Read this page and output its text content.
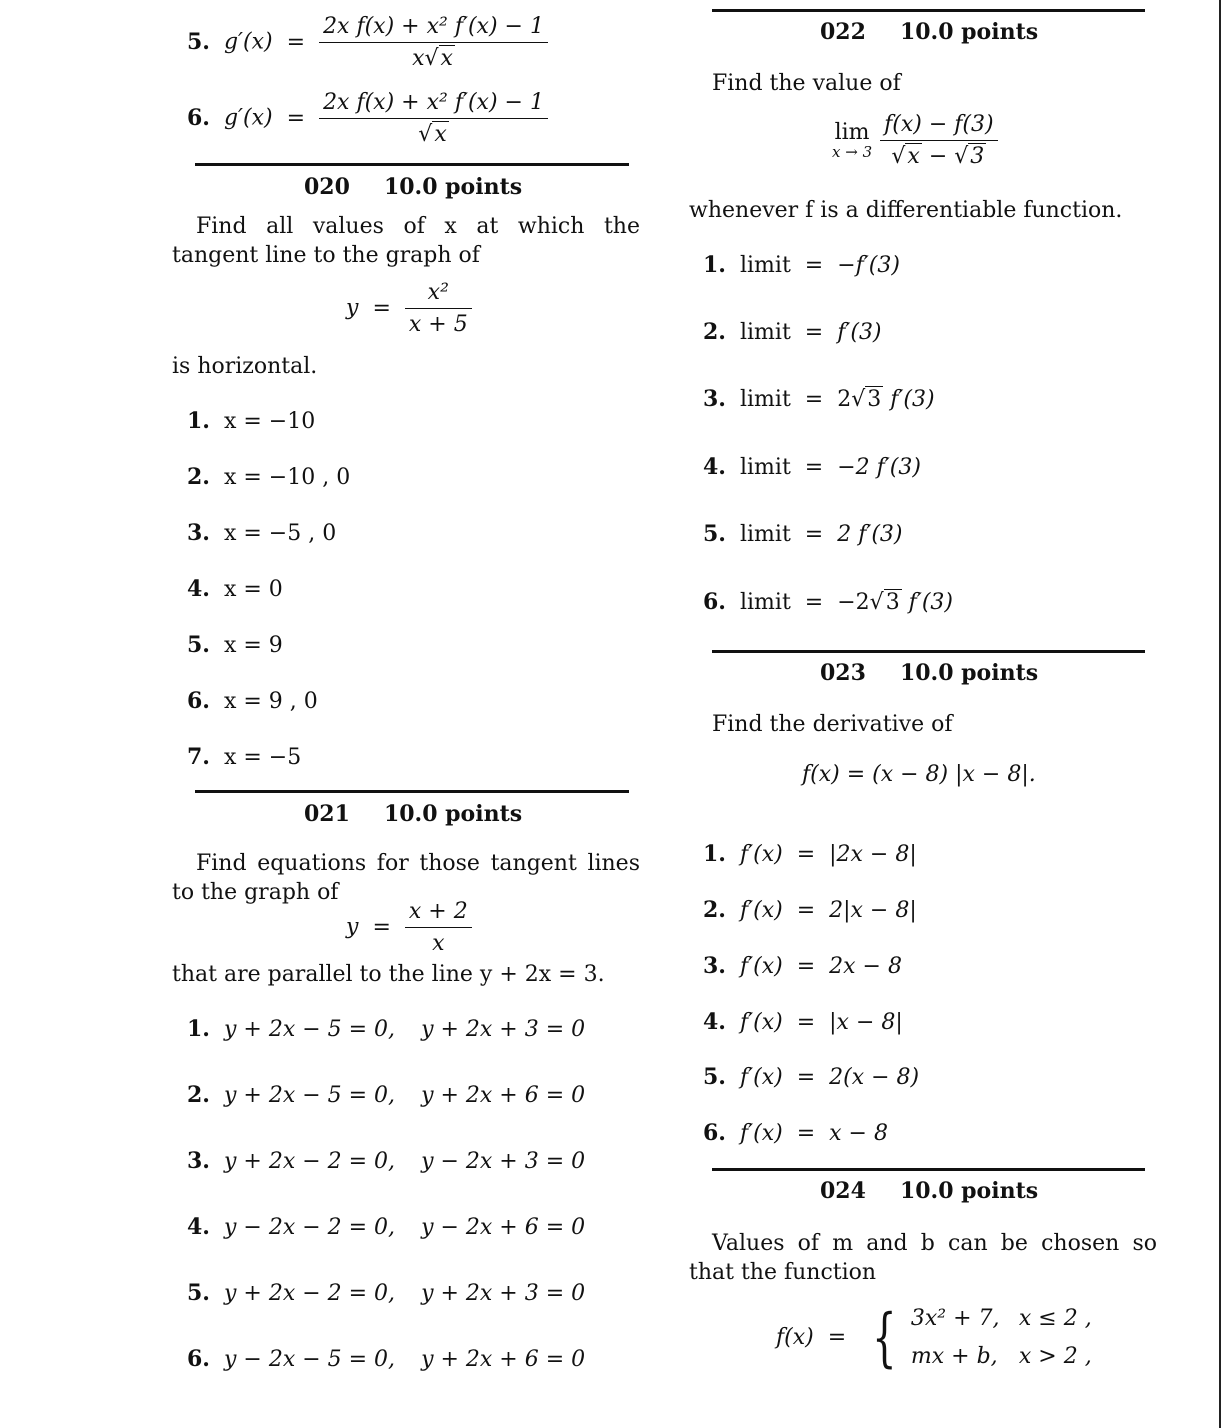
5. $g'(x) = \frac{\text{2x f(x) + x² f′(x) − 1}}{x√x}$
6. $g'(x) = \frac{\text{2x f(x) + x² f′(x) − 1}}{√x}$
020 10.0 points
Find all values of x at which the tangent line to the graph of
$y = \frac{\text{x²}}{x + 5}$
is horizontal.
1. x = −10
2. x = −10 , 0
3. x = −5 , 0
4. x = 0
5. x = 9
6. x = 9 , 0
7. x = −5
021 10.0 points
Find equations for those tangent lines to the graph of
$y = \frac{x + 2}{x}$
that are parallel to the line y + 2x = 3.
1. y + 2x − 5 = 0, y + 2x + 3 = 0
2. y + 2x − 5 = 0, y + 2x + 6 = 0
3. y + 2x − 2 = 0, y − 2x + 3 = 0
4. y − 2x − 2 = 0, y − 2x + 6 = 0
5. y + 2x − 2 = 0, y + 2x + 3 = 0
6. y − 2x − 5 = 0, y + 2x + 6 = 0
022 10.0 points
Find the value of
lim
$x \to 3 \frac{f(x) - f(3)}{√x - √3}$
whenever f is a differentiable function.
1. limit = −f′(3)
2. limit = f′(3)
3. limit = 2√3 f′(3)
4. limit = −2 f′(3)
5. limit = 2 f′(3)
6. limit = −2√3 f′(3)
023 10.0 points
Find the derivative of
f(x) = (x − 8) |x − 8|.
1. f′(x) = |2x − 8|
2. f′(x) = 2|x − 8|
3. f′(x) = 2x − 8
4. f′(x) = |x − 8|
5. f′(x) = 2(x − 8)
6. f′(x) = x − 8
024 10.0 points
Values of m and b can be chosen so that the function
f(x) = { 3x² + 7, x ≤ 2 ,
mx + b, x > 2 ,
